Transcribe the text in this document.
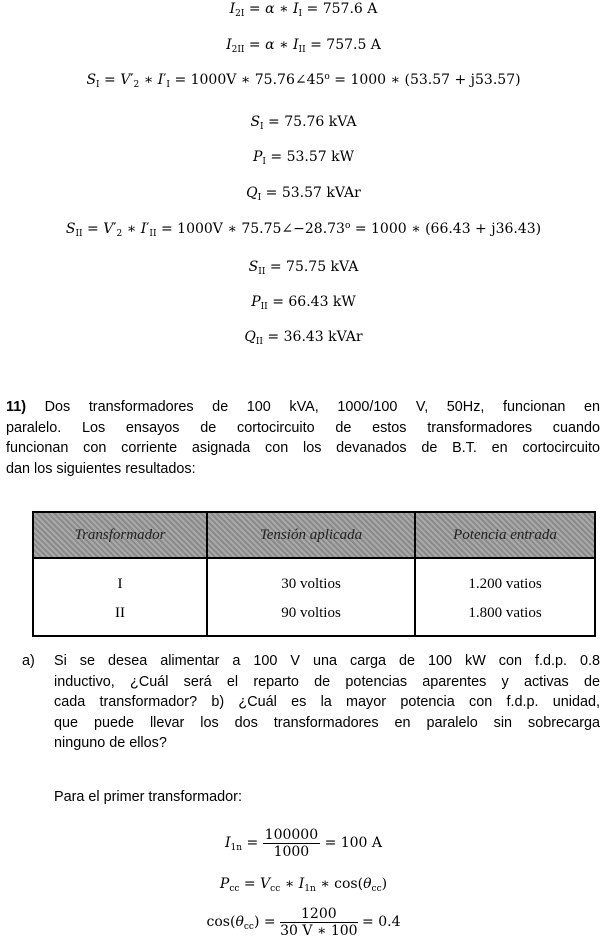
$I_{2I} = \alpha$ ∗ $I_I = 757.6$ A
$I_{2II} = \alpha$ ∗ $I_{II} = 757.5$ A
$S_I = V'_2$ ∗ $I'_I = 1000V$ ∗ $75.76\angle 45^o = 1000$ ∗ (53.57 + j53.57)
$S_I = 75.76$ kVA
$P_I = 53.57$ kW
$Q_I = 53.57$ kVAr
$S_{II} = V'_2$ ∗ $I'_{II} = 1000V$ ∗ $75.75\angle-28.73^o = 1000$ ∗ (66.43 + j36.43)
$S_{II} = 75.75$ kVA
$P_{II} = 66.43$ kW
$Q_{II} = 36.43$ kVAr
11) Dos transformadores de 100 kVA, 1000/100 V, 50Hz, funcionan en
paralelo. Los ensayos de cortocircuito de estos transformadores cuando
funcionan con corriente asignada con los devanados de B.T. en cortocircuito
dan los siguientes resultados:
Transformador	Tensión aplicada	Potencia entrada
I	30 voltios	1.200 vatios
II	90 voltios	1.800 vatios
a) Si se desea alimentar a 100 V una carga de 100 kW con f.d.p. 0.8
inductivo, ¿Cuál será el reparto de potencias aparentes y activas de
cada transformador? b) ¿Cuál es la mayor potencia con f.d.p. unidad,
que puede llevar los dos transformadores en paralelo sin sobrecarga
ninguno de ellos?
Para el primer transformador:
$I_{1n} = \frac{100000}{1000} = 100$ A
$P_{cc} = V_{cc}$ ∗ $I_{1n}$ ∗ $\cos(\theta_{cc})$
$\cos(\theta_{cc}) = \frac{1200}{30 V ∗ 100} = 0.4$
